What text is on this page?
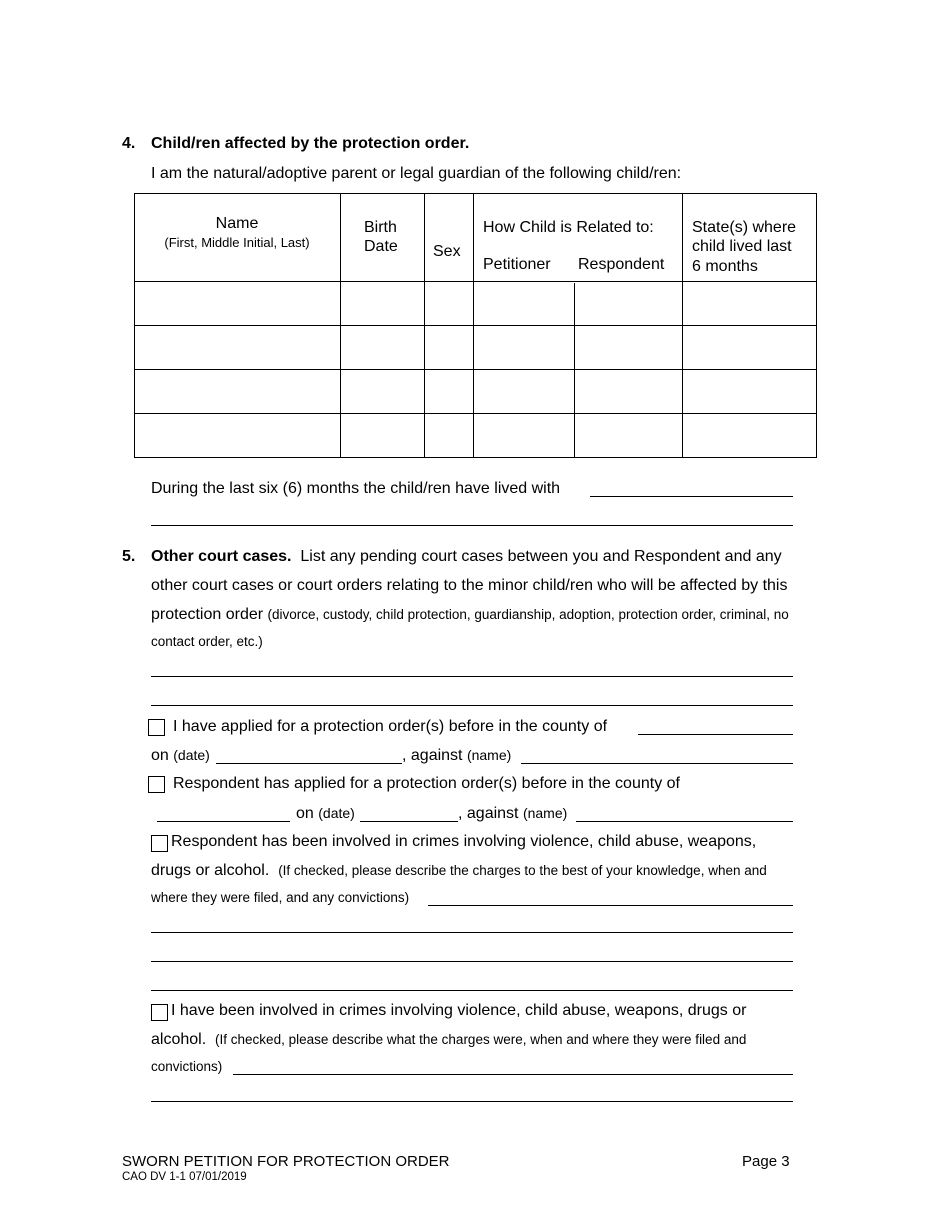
4. Child/ren affected by the protection order.
I am the natural/adoptive parent or legal guardian of the following child/ren:
Name
(First, Middle Initial, Last)
Birth
Date Sex
How Child is Related to:
Petitioner Respondent
State(s) where
child lived last
6 months
During the last six (6) months the child/ren have lived with
5. Other court cases. List any pending court cases between you and Respondent and any
other court cases or court orders relating to the minor child/ren who will be affected by this
protection order (divorce, custody, child protection, guardianship, adoption, protection order, criminal, no
contact order, etc.)
I have applied for a protection order(s) before in the county of
on (date)	, against (name)
Respondent has applied for a protection order(s) before in the county of
on (date)	, against (name)
Respondent has been involved in crimes involving violence, child abuse, weapons,
drugs or alcohol. (If checked, please describe the charges to the best of your knowledge, when and
where they were filed, and any convictions)
I have been involved in crimes involving violence, child abuse, weapons, drugs or
alcohol. (If checked, please describe what the charges were, when and where they were filed and
convictions)
SWORN PETITION FOR PROTECTION ORDER
CAO DV 1-1 07/01/2019
Page 3
